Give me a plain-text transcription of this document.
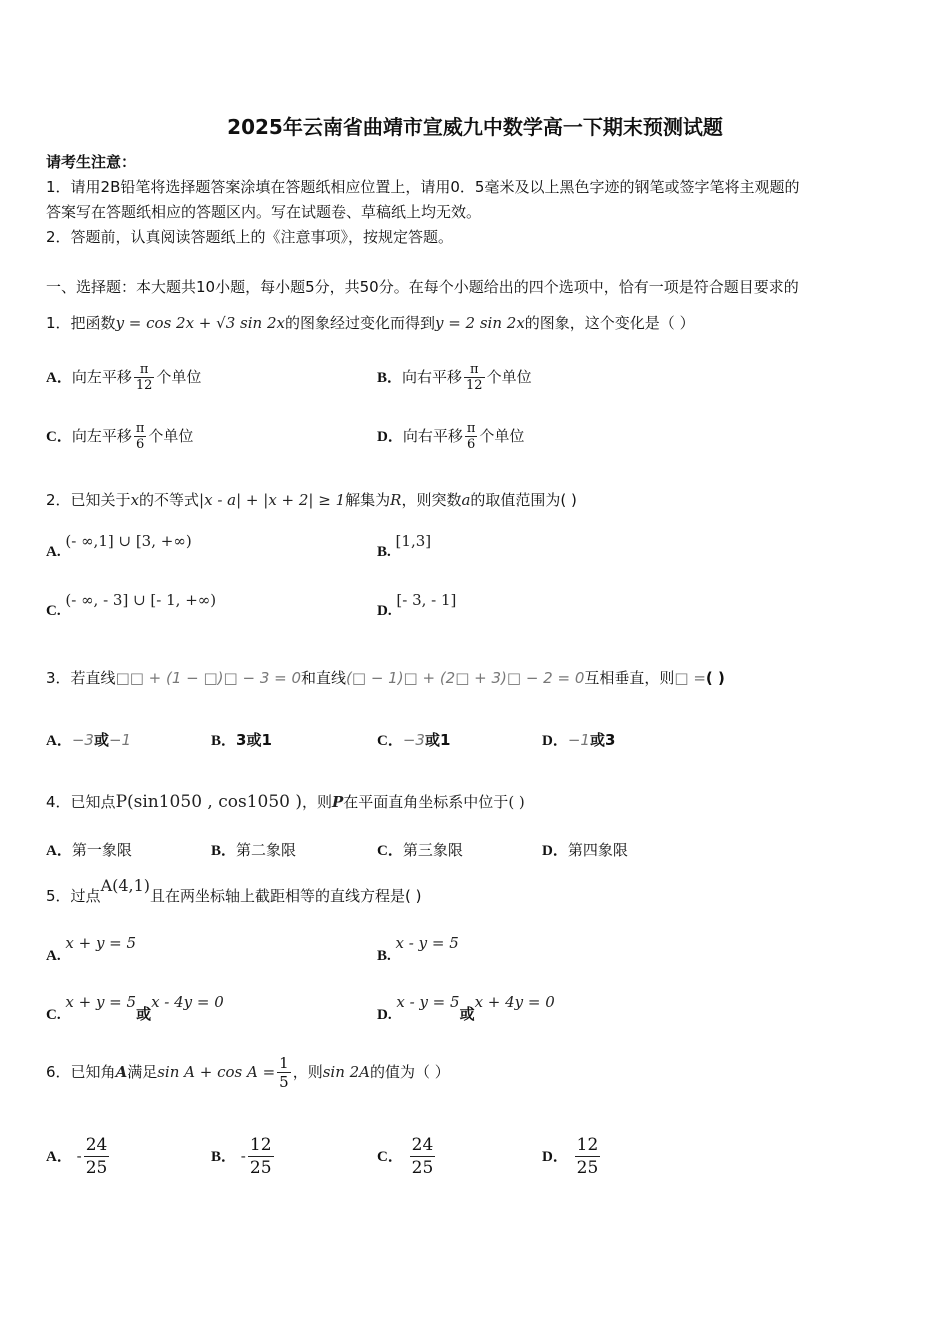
2025年云南省曲靖市宣威九中数学高一下期末预测试题
请考生注意：
1．请用2B铅笔将选择题答案涂填在答题纸相应位置上，请用0．5毫米及以上黑色字迹的钢笔或签字笔将主观题的
答案写在答题纸相应的答题区内。写在试题卷、草稿纸上均无效。
2．答题前，认真阅读答题纸上的《注意事项》，按规定答题。
一、选择题：本大题共10小题，每小题5分，共50分。在每个小题给出的四个选项中，恰有一项是符合题目要求的
1．把函数y = cos 2x + √3 sin 2x的图象经过变化而得到y = 2 sin 2x的图象，这个变化是（ ）
A．向左平移 $\frac{\pi}{12}$ 个单位	B．向右平移 $\frac{\pi}{12}$ 个单位
C．向左平移 $\frac{\pi}{6}$ 个单位	D．向右平移 $\frac{\pi}{6}$ 个单位
2．已知关于x的不等式|x - a| + |x + 2| ≥ 1解集为R，则突数a的取值范围为( )
A. (- ∞,1] ∪ [3, +∞)
B. [1,3]
C. (- ∞, - 3] ∪ [- 1, +∞)
D. [- 3, - 1]
3．若直线□□ + (1 − □)□ − 3 = 0和直线(□ − 1)□ + (2□ + 3)□ − 2 = 0互相垂直，则□ =( )
A．−3或−1	B．3或1	C．−3或1	D．−1或3
4．已知点P(sin1050 , cos1050 )，则P在平面直角坐标系中位于( )
A．第一象限	B．第二象限	C．第三象限	D．第四象限
5．过点A(4,1)且在两坐标轴上截距相等的直线方程是( )
A. x + y = 5
B. x - y = 5
C. x + y = 5或x - 4y = 0
D. x - y = 5或x + 4y = 0
6．已知角A满足$\sin A + \cos A = \frac{1}{5}$ ，则sin 2A的值为（ ）
A． - $\frac{24}{25}$	B． - $\frac{12}{25}$	C． $\frac{24}{25}$	D． $\frac{12}{25}$
